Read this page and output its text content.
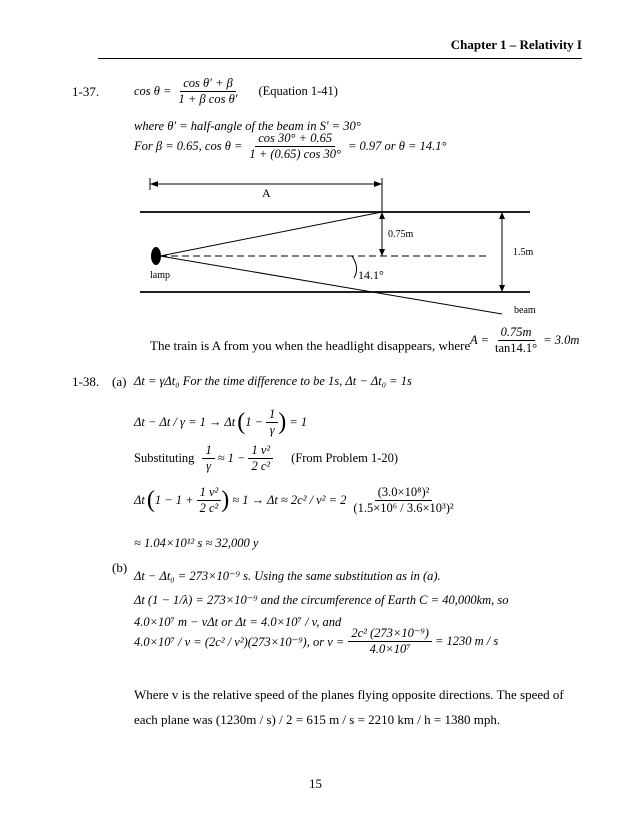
Chapter 1 – Relativity I
1-37.	$\cos \theta = \frac{\text{cos θ′ + β}}{\text{1 + β cos θ′}}$ (Equation 1-41)
where θ′ = half-angle of the beam in S′ = 30°
For β = 0.65, $\cos \theta = \frac{\cos 30^\circ + 0.65}{1 + (0.65) \cos 30^\circ} = 0.97$ or θ = 14.1°
A
0.75m
1.5m
lamp	14.1°
beam
The train is A from you when the headlight disappears, where $A = \frac{0.75m}{\tan 14.1^\circ} = 3.0m$
1-38. (a) Δt = γΔt₀ For the time difference to be 1s, Δt − Δt₀ = 1s
Δt − Δt / γ = 1 → Δt ( $1 - \frac{1}{\gamma}$ ) = 1
Substituting $\frac{1}{\gamma} \approx 1 - \frac{\text{1 v²}}{\text{2 c²}}$ (From Problem 1-20)
Δt ( $1 - 1 + \frac{\text{1 v²}}{\text{2 c²}}$ ) ≈ $1 \to \Delta t \approx 2c^2 / v^2 = 2 \frac{\text{(3.0×10⁸)²}}{\text{(1.5×10⁶ / 3.6×10³)²}}$
≈ 1.04×10¹² s ≈ 32,000 y
(b)
Δt − Δt₀ = 273×10⁻⁹ s. Using the same substitution as in (a).
Δt (1 − 1/λ) = 273×10⁻⁹ and the circumference of Earth C = 40,000km, so
4.0×10⁷ m − vΔt or Δt = 4.0×10⁷ / v, and
4.0×10⁷ / v = (2c² / v²)(273×10⁻⁹), or $v = \frac{\text{2c² (273×10⁻⁹)}}{\text{4.0×10⁷}} = 1230$ m / s
Where v is the relative speed of the planes flying opposite directions. The speed of
each plane was (1230m / s) / 2 = 615 m / s = 2210 km / h = 1380 mph.
15
